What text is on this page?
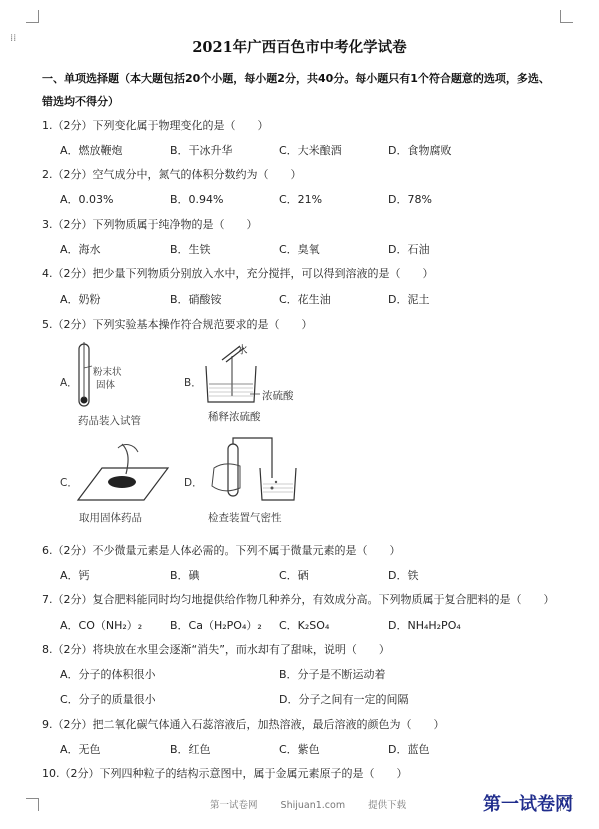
⁞⁞
2021年广西百色市中考化学试卷
一、单项选择题（本大题包括20个小题，每小题2分，共40分。每小题只有1个符合题意的选项，多选、
错选均不得分）
1.（2分）下列变化属于物理变化的是（　　）
A．燃放鞭炮	B．干冰升华	C．大米酿酒	D．食物腐败
2.（2分）空气成分中，氮气的体积分数约为（　　）
A．0.03%	B．0.94%	C．21%	D．78%
3.（2分）下列物质属于纯净物的是（　　）
A．海水	B．生铁	C．臭氧	D．石油
4.（2分）把少量下列物质分别放入水中，充分搅拌，可以得到溶液的是（　　）
A．奶粉	B．硝酸铵	C．花生油	D．泥土
5.（2分）下列实验基本操作符合规范要求的是（　　）
A．
粉末状
固体
药品装入试管
B．
水
浓硫酸
稀释浓硫酸
C．
取用固体药品
D．
检查装置气密性
6.（2分）不少微量元素是人体必需的。下列不属于微量元素的是（　　）
A．钙	B．碘	C．硒	D．铁
7.（2分）复合肥料能同时均匀地提供给作物几种养分，有效成分高。下列物质属于复合肥料的是（　　）
A．CO（NH₂）₂	B．Ca（H₂PO₄）₂ C．K₂SO₄	D．NH₄H₂PO₄
8.（2分）将块放在水里会逐渐“消失”，而水却有了甜味，说明（　　）
A．分子的体积很小	B．分子是不断运动着
C．分子的质量很小	D．分子之间有一定的间隔
9.（2分）把二氧化碳气体通入石蕊溶液后，加热溶液，最后溶液的颜色为（　　）
A．无色	B．红色	C．紫色	D．蓝色
10.（2分）下列四种粒子的结构示意图中，属于金属元素原子的是（　　）
第一试卷网 Shijuan1.com 提供下载	第一试卷网
